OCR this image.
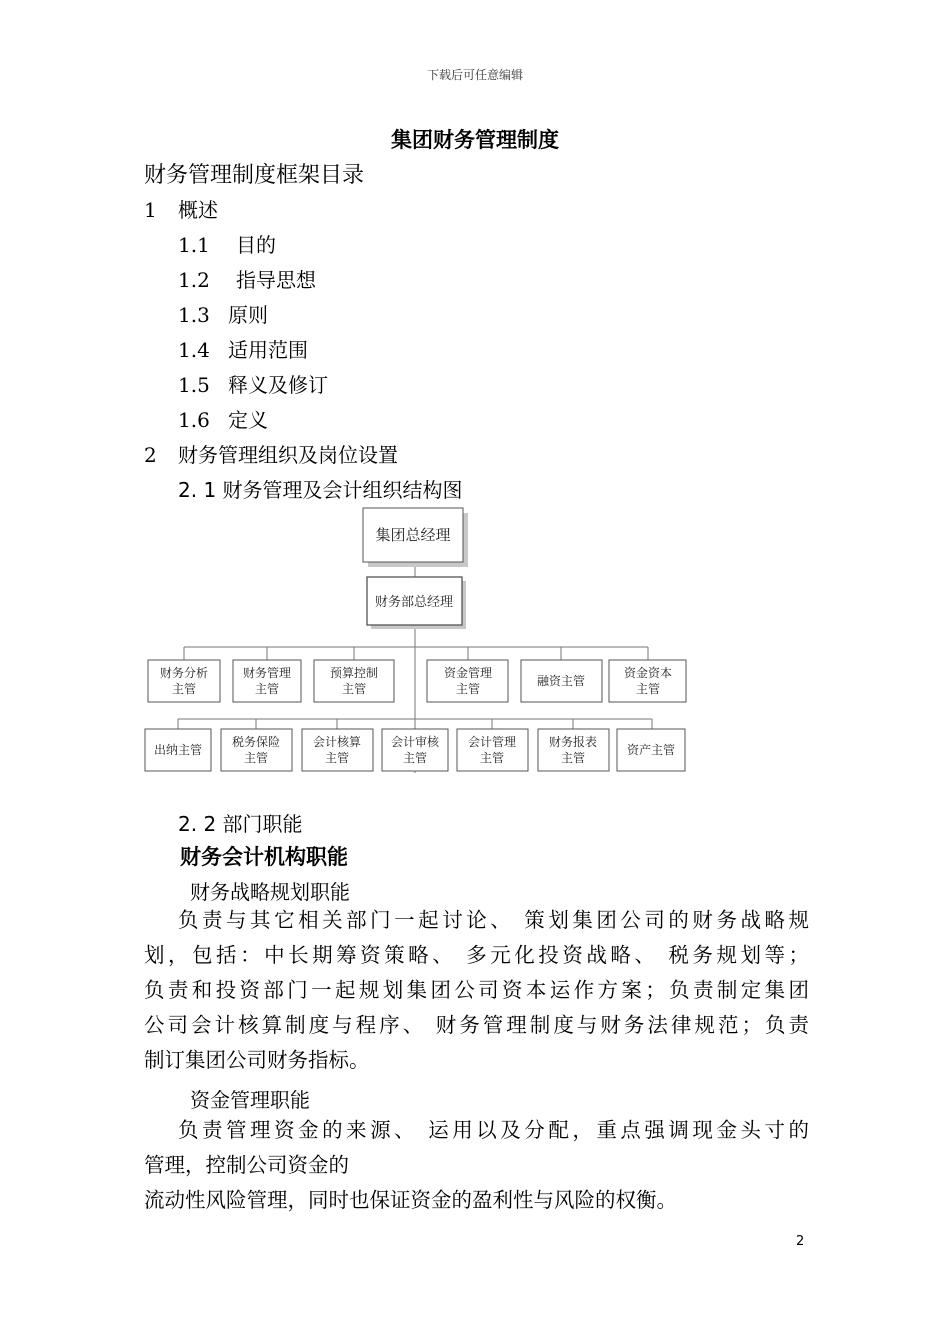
下载后可任意编辑
集团财务管理制度
财务管理制度框架目录
1 概述
1.1 目的
1.2 指导思想
1.3 原则
1.4 适用范围
1.5 释义及修订
1.6 定义
2 财务管理组织及岗位设置
2. 1 财务管理及会计组织结构图
集团总经理
财务部总经理
财务分析
主管
财务管理
主管
预算控制
主管
资金管理
主管
融资主管
资金资本
主管
出纳主管
税务保险
主管
会计核算
主管
会计审核
主管
会计管理
主管
财务报表
主管
资产主管
2. 2 部门职能
财务会计机构职能
财务战略规划职能
负责与其它相关部门一起讨论、 策划集团公司的财务战略规
划，包括：中长期筹资策略、 多元化投资战略、 税务规划等；
负责和投资部门一起规划集团公司资本运作方案；负责制定集团
公司会计核算制度与程序、 财务管理制度与财务法律规范；负责
制订集团公司财务指标。
资金管理职能
负责管理资金的来源、 运用以及分配，重点强调现金头寸的
管理，控制公司资金的
流动性风险管理，同时也保证资金的盈利性与风险的权衡。
2
